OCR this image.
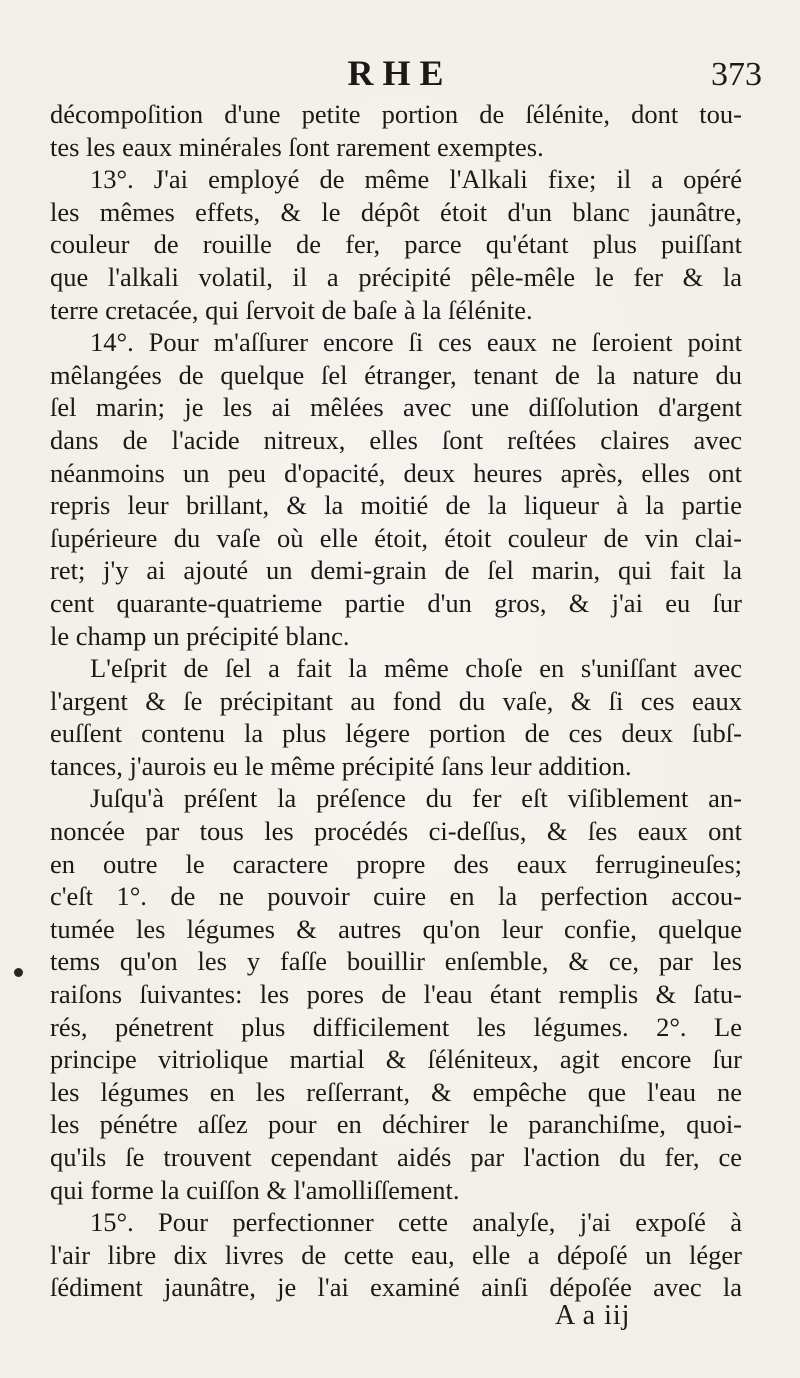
RHE	373
décompoſition d'une petite portion de ſélénite, dont tou-
tes les eaux minérales ſont rarement exemptes.
13°. J'ai employé de même l'Alkali fixe; il a opéré
les mêmes effets, & le dépôt étoit d'un blanc jaunâtre,
couleur de rouille de fer, parce qu'étant plus puiſſant
que l'alkali volatil, il a précipité pêle-mêle le fer & la
terre cretacée, qui ſervoit de baſe à la ſélénite.
14°. Pour m'aſſurer encore ſi ces eaux ne ſeroient point
mêlangées de quelque ſel étranger, tenant de la nature du
ſel marin; je les ai mêlées avec une diſſolution d'argent
dans de l'acide nitreux, elles ſont reſtées claires avec
néanmoins un peu d'opacité, deux heures après, elles ont
repris leur brillant, & la moitié de la liqueur à la partie
ſupérieure du vaſe où elle étoit, étoit couleur de vin clai-
ret; j'y ai ajouté un demi-grain de ſel marin, qui fait la
cent quarante-quatrieme partie d'un gros, & j'ai eu ſur
le champ un précipité blanc.
L'eſprit de ſel a fait la même choſe en s'uniſſant avec
l'argent & ſe précipitant au fond du vaſe, & ſi ces eaux
euſſent contenu la plus légere portion de ces deux ſubſ-
tances, j'aurois eu le même précipité ſans leur addition.
Juſqu'à préſent la préſence du fer eſt viſiblement an-
noncée par tous les procédés ci-deſſus, & ſes eaux ont
en outre le caractere propre des eaux ferrugineuſes;
c'eſt 1°. de ne pouvoir cuire en la perfection accou-
tumée les légumes & autres qu'on leur confie, quelque
tems qu'on les y faſſe bouillir enſemble, & ce, par les
raiſons ſuivantes: les pores de l'eau étant remplis & ſatu-
rés, pénetrent plus difficilement les légumes. 2°. Le
principe vitriolique martial & ſéléniteux, agit encore ſur
les légumes en les reſſerrant, & empêche que l'eau ne
les pénétre aſſez pour en déchirer le paranchiſme, quoi-
qu'ils ſe trouvent cependant aidés par l'action du fer, ce
qui forme la cuiſſon & l'amolliſſement.
15°. Pour perfectionner cette analyſe, j'ai expoſé à
l'air libre dix livres de cette eau, elle a dépoſé un léger
ſédiment jaunâtre, je l'ai examiné ainſi dépoſée avec la
A a iij
